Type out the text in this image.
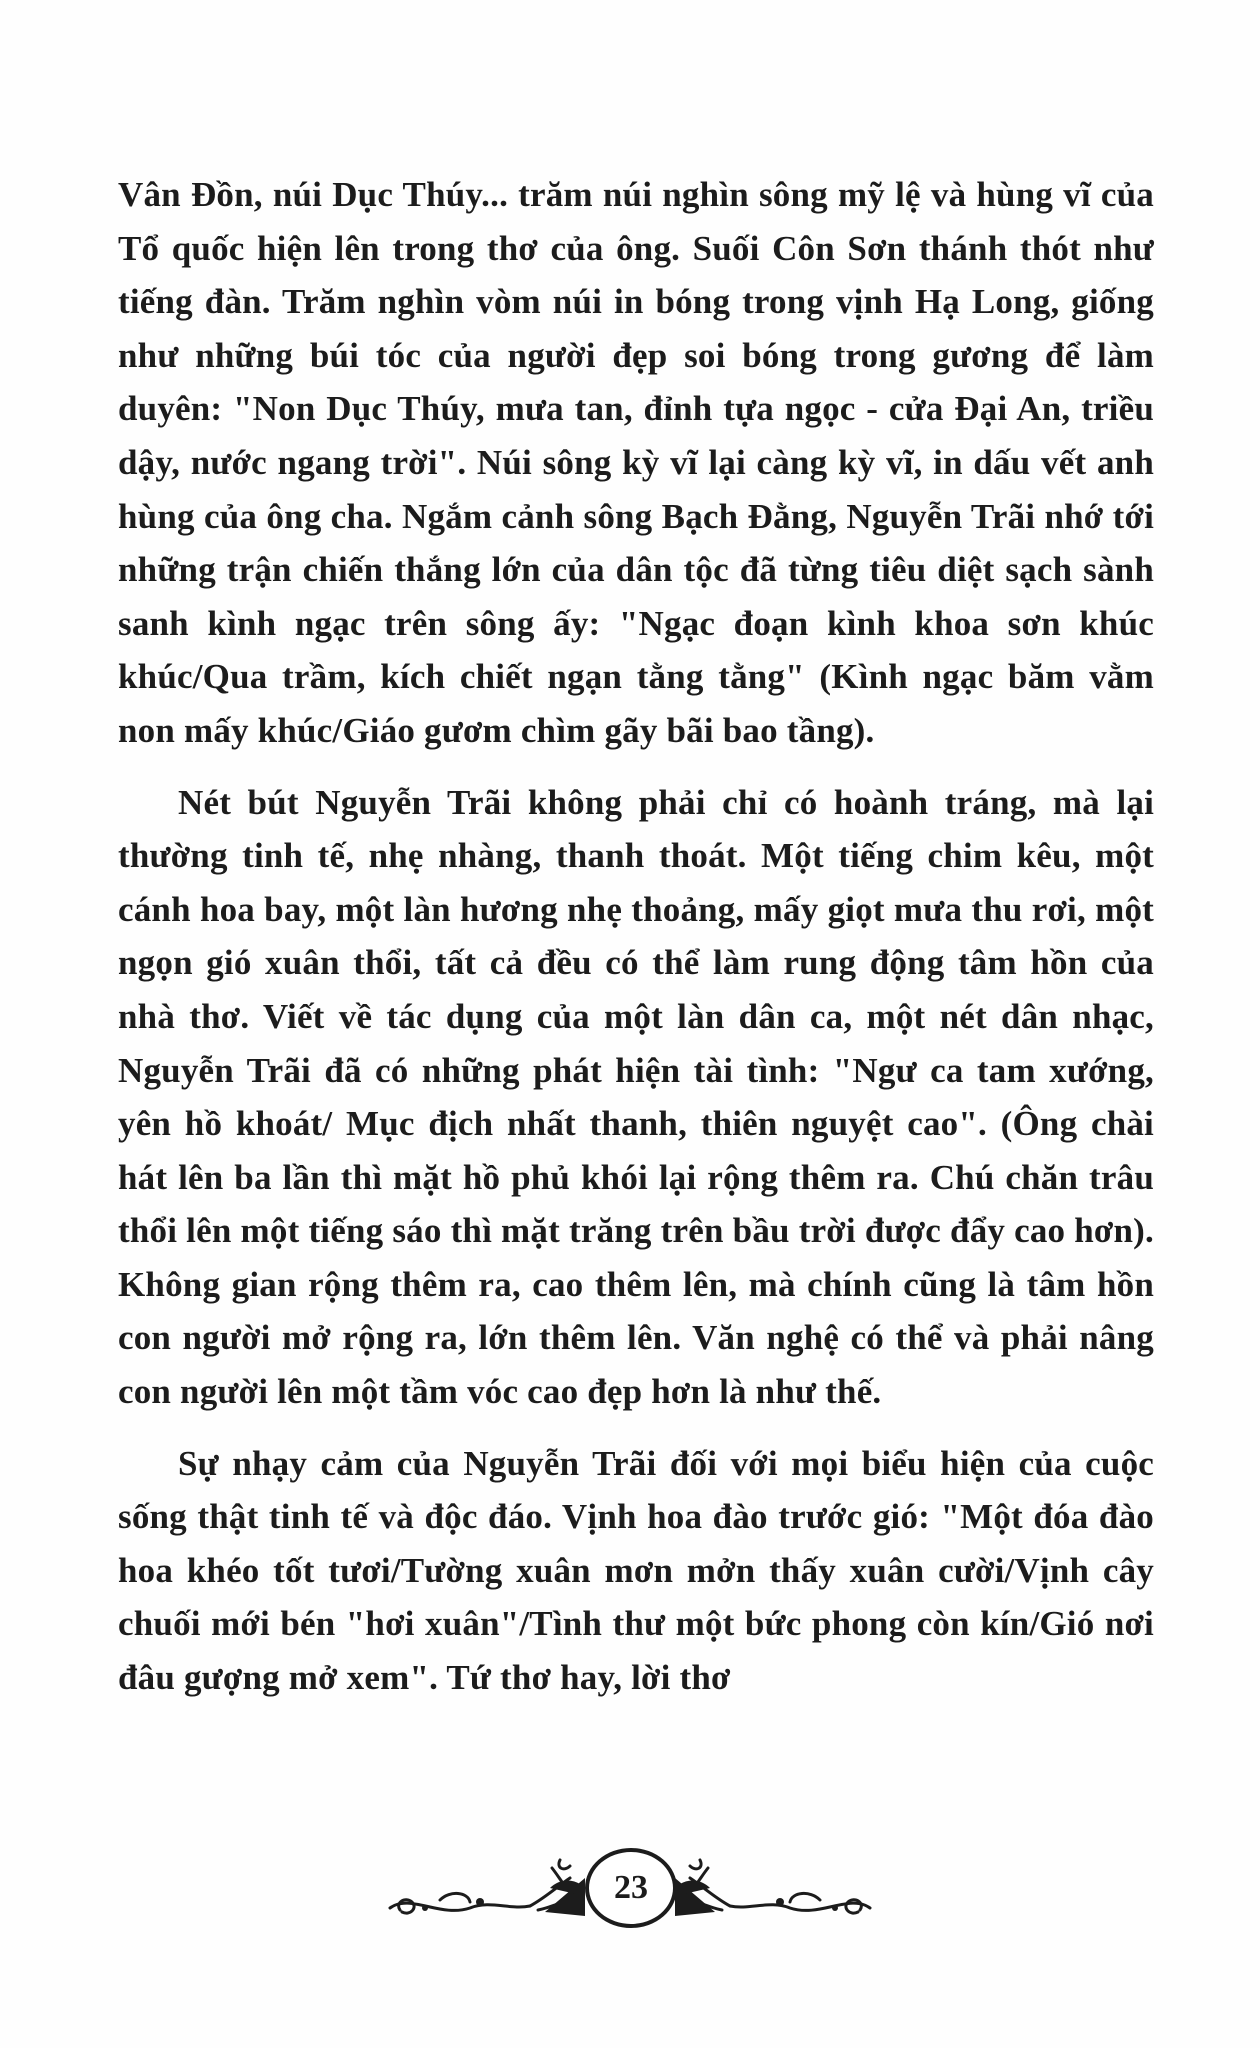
Vân Đồn, núi Dục Thúy... trăm núi nghìn sông mỹ lệ và hùng vĩ của Tổ quốc hiện lên trong thơ của ông. Suối Côn Sơn thánh thót như tiếng đàn. Trăm nghìn vòm núi in bóng trong vịnh Hạ Long, giống như những búi tóc của người đẹp soi bóng trong gương để làm duyên: "Non Dục Thúy, mưa tan, đỉnh tựa ngọc - cửa Đại An, triều dậy, nước ngang trời". Núi sông kỳ vĩ lại càng kỳ vĩ, in dấu vết anh hùng của ông cha. Ngắm cảnh sông Bạch Đằng, Nguyễn Trãi nhớ tới những trận chiến thắng lớn của dân tộc đã từng tiêu diệt sạch sành sanh kình ngạc trên sông ấy: "Ngạc đoạn kình khoa sơn khúc khúc/Qua trầm, kích chiết ngạn tằng tằng" (Kình ngạc băm vằm non mấy khúc/Giáo gươm chìm gãy bãi bao tầng).

Nét bút Nguyễn Trãi không phải chỉ có hoành tráng, mà lại thường tinh tế, nhẹ nhàng, thanh thoát. Một tiếng chim kêu, một cánh hoa bay, một làn hương nhẹ thoảng, mấy giọt mưa thu rơi, một ngọn gió xuân thổi, tất cả đều có thể làm rung động tâm hồn của nhà thơ. Viết về tác dụng của một làn dân ca, một nét dân nhạc, Nguyễn Trãi đã có những phát hiện tài tình: "Ngư ca tam xướng, yên hồ khoát/ Mục địch nhất thanh, thiên nguyệt cao". (Ông chài hát lên ba lần thì mặt hồ phủ khói lại rộng thêm ra. Chú chăn trâu thổi lên một tiếng sáo thì mặt trăng trên bầu trời được đẩy cao hơn). Không gian rộng thêm ra, cao thêm lên, mà chính cũng là tâm hồn con người mở rộng ra, lớn thêm lên. Văn nghệ có thể và phải nâng con người lên một tầm vóc cao đẹp hơn là như thế.

Sự nhạy cảm của Nguyễn Trãi đối với mọi biểu hiện của cuộc sống thật tinh tế và độc đáo. Vịnh hoa đào trước gió: "Một đóa đào hoa khéo tốt tươi/Tường xuân mơn mởn thấy xuân cười/Vịnh cây chuối mới bén "hơi xuân"/Tình thư một bức phong còn kín/Gió nơi đâu gượng mở xem". Tứ thơ hay, lời thơ

23
